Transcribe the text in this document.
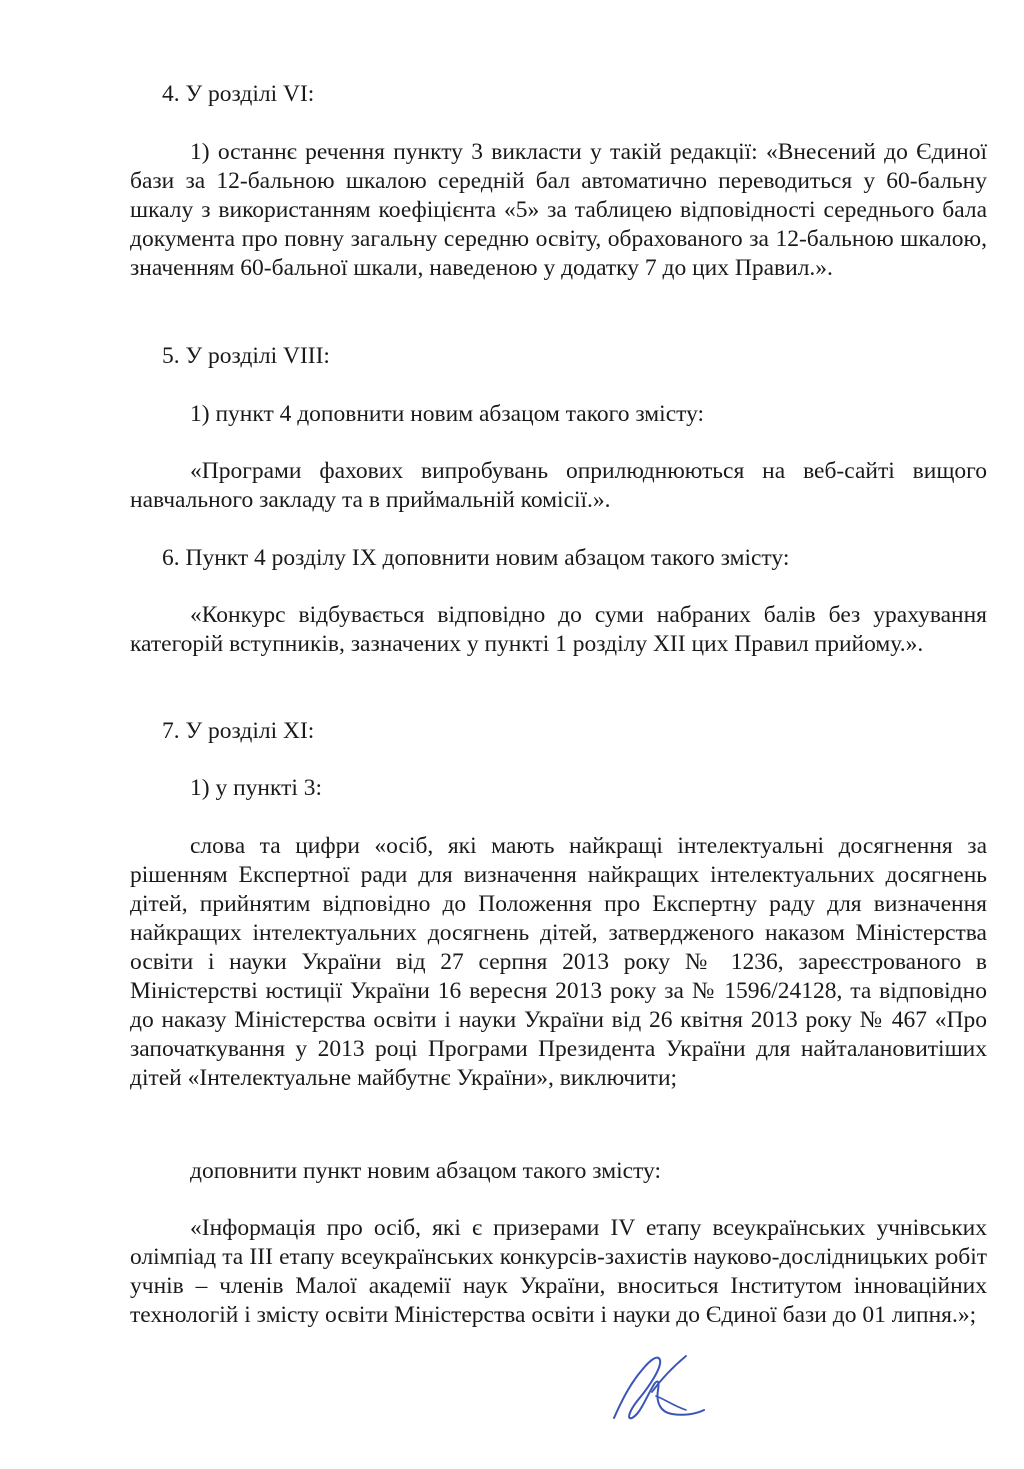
4. У розділі VI:

1) останнє речення пункту 3 викласти у такій редакції: «Внесений до Єдиної бази за 12-бальною шкалою середній бал автоматично переводиться у 60-бальну шкалу з використанням коефіцієнта «5» за таблицею відповідності середнього бала документа про повну загальну середню освіту, обрахованого за 12-бальною шкалою, значенням 60-бальної шкали, наведеною у додатку 7 до цих Правил.».

5. У розділі VIII:

1) пункт 4 доповнити новим абзацом такого змісту:

«Програми фахових випробувань оприлюднюються на веб-сайті вищого навчального закладу та в приймальній комісії.».

6. Пункт 4 розділу ІХ доповнити новим абзацом такого змісту:

«Конкурс відбувається відповідно до суми набраних балів без урахування категорій вступників, зазначених у пункті 1 розділу ХІІ цих Правил прийому.».

7. У розділі ХІ:

1) у пункті 3:

слова та цифри «осіб, які мають найкращі інтелектуальні досягнення за рішенням Експертної ради для визначення найкращих інтелектуальних досягнень дітей, прийнятим відповідно до Положення про Експертну раду для визначення найкращих інтелектуальних досягнень дітей, затвердженого наказом Міністерства освіти і науки України від 27 серпня 2013 року № 1236, зареєстрованого в Міністерстві юстиції України 16 вересня 2013 року за № 1596/24128, та відповідно до наказу Міністерства освіти і науки України від 26 квітня 2013 року № 467 «Про започаткування у 2013 році Програми Президента України для найталановитіших дітей «Інтелектуальне майбутнє України», виключити;

доповнити пункт новим абзацом такого змісту:

«Інформація про осіб, які є призерами IV етапу всеукраїнських учнівських олімпіад та ІІІ етапу всеукраїнських конкурсів-захистів науково-дослідницьких робіт учнів – членів Малої академії наук України, вноситься Інститутом інноваційних технологій і змісту освіти Міністерства освіти і науки до Єдиної бази до 01 липня.»;
